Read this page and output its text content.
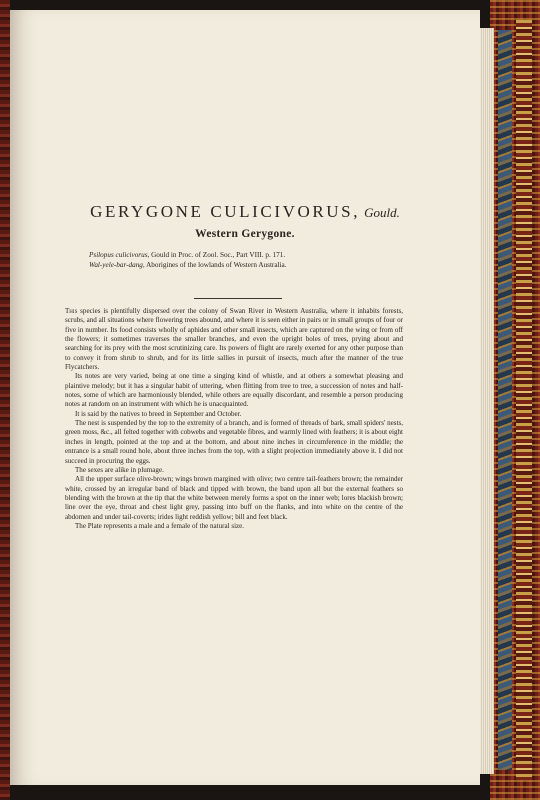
GERYGONE CULICIVORUS, Gould.
Western Gerygone.
Psilopus culicivorus, Gould in Proc. of Zool. Soc., Part VIII. p. 171.
Wal-yele-bar-dang, Aborigines of the lowlands of Western Australia.

This species is plentifully dispersed over the colony of Swan River in Western Australia, where it inhabits forests, scrubs, and all situations where flowering trees abound, and where it is seen either in pairs or in small groups of four or five in number. Its food consists wholly of aphides and other small insects, which are captured on the wing or from off the flowers; it sometimes traverses the smaller branches, and even the upright boles of trees, prying about and searching for its prey with the most scrutinizing care. Its powers of flight are rarely exerted for any other purpose than to convey it from shrub to shrub, and for its little sallies in pursuit of insects, much after the manner of the true Flycatchers.

Its notes are very varied, being at one time a singing kind of whistle, and at others a somewhat pleasing and plaintive melody; but it has a singular habit of uttering, when flitting from tree to tree, a succession of notes and half-notes, some of which are harmoniously blended, while others are equally discordant, and resemble a person producing notes at random on an instrument with which he is unacquainted.

It is said by the natives to breed in September and October.

The nest is suspended by the top to the extremity of a branch, and is formed of threads of bark, small spiders' nests, green moss, &c., all felted together with cobwebs and vegetable fibres, and warmly lined with feathers; it is about eight inches in length, pointed at the top and at the bottom, and about nine inches in circumference in the middle; the entrance is a small round hole, about three inches from the top, with a slight projection immediately above it. I did not succeed in procuring the eggs.

The sexes are alike in plumage.

All the upper surface olive-brown; wings brown margined with olive; two centre tail-feathers brown; the remainder white, crossed by an irregular band of black and tipped with brown, the band upon all but the external feathers so blending with the brown at the tip that the white between merely forms a spot on the inner web; lores blackish brown; line over the eye, throat and chest light grey, passing into buff on the flanks, and into white on the centre of the abdomen and under tail-coverts; irides light reddish yellow; bill and feet black.

The Plate represents a male and a female of the natural size.
